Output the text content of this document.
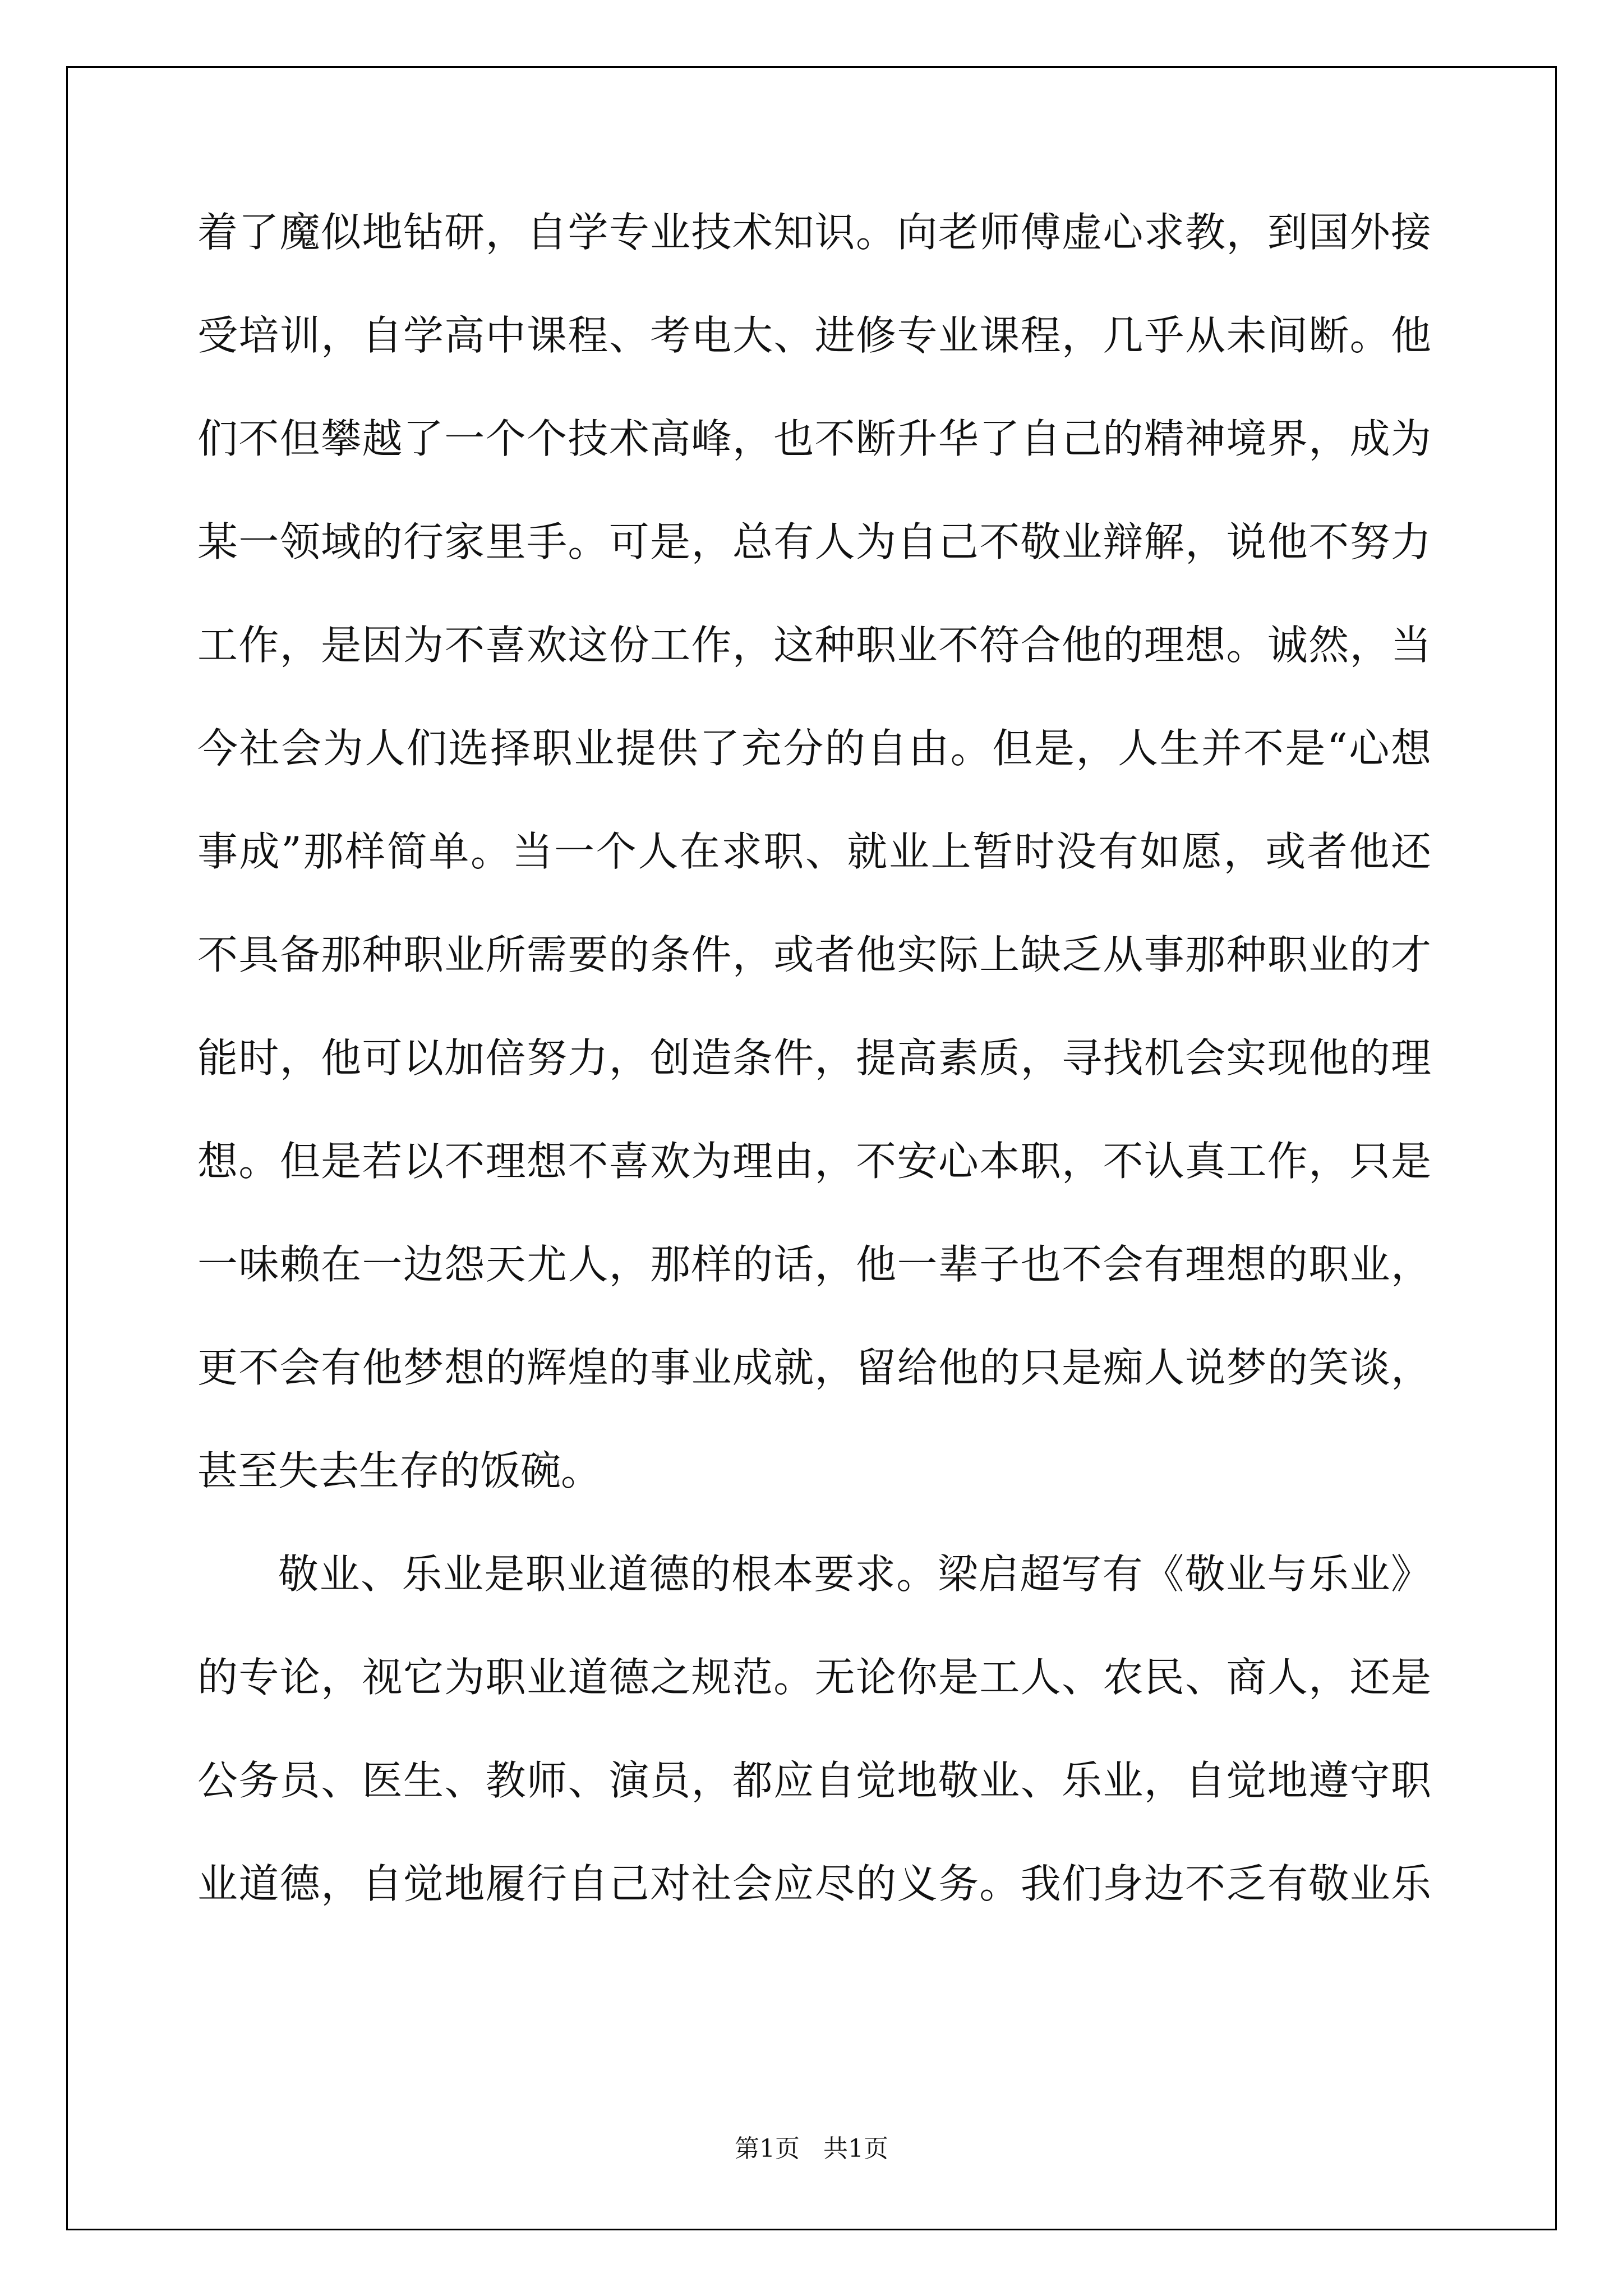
着了魔似地钻研，自学专业技术知识。向老师傅虚心求教，到国外接
受培训，自学高中课程、考电大、进修专业课程，几乎从未间断。他
们不但攀越了一个个技术高峰，也不断升华了自己的精神境界，成为
某一领域的行家里手。可是，总有人为自己不敬业辩解，说他不努力
工作，是因为不喜欢这份工作，这种职业不符合他的理想。诚然，当
今社会为人们选择职业提供了充分的自由。但是，人生并不是“心想
事成”那样简单。当一个人在求职、就业上暂时没有如愿，或者他还
不具备那种职业所需要的条件，或者他实际上缺乏从事那种职业的才
能时，他可以加倍努力，创造条件，提高素质，寻找机会实现他的理
想。但是若以不理想不喜欢为理由，不安心本职，不认真工作，只是
一味赖在一边怨天尤人，那样的话，他一辈子也不会有理想的职业，
更不会有他梦想的辉煌的事业成就，留给他的只是痴人说梦的笑谈，
甚至失去生存的饭碗。
敬业、乐业是职业道德的根本要求。梁启超写有《敬业与乐业》
的专论，视它为职业道德之规范。无论你是工人、农民、商人，还是
公务员、医生、教师、演员，都应自觉地敬业、乐业，自觉地遵守职
业道德，自觉地履行自己对社会应尽的义务。我们身边不乏有敬业乐
第1页   共1页
